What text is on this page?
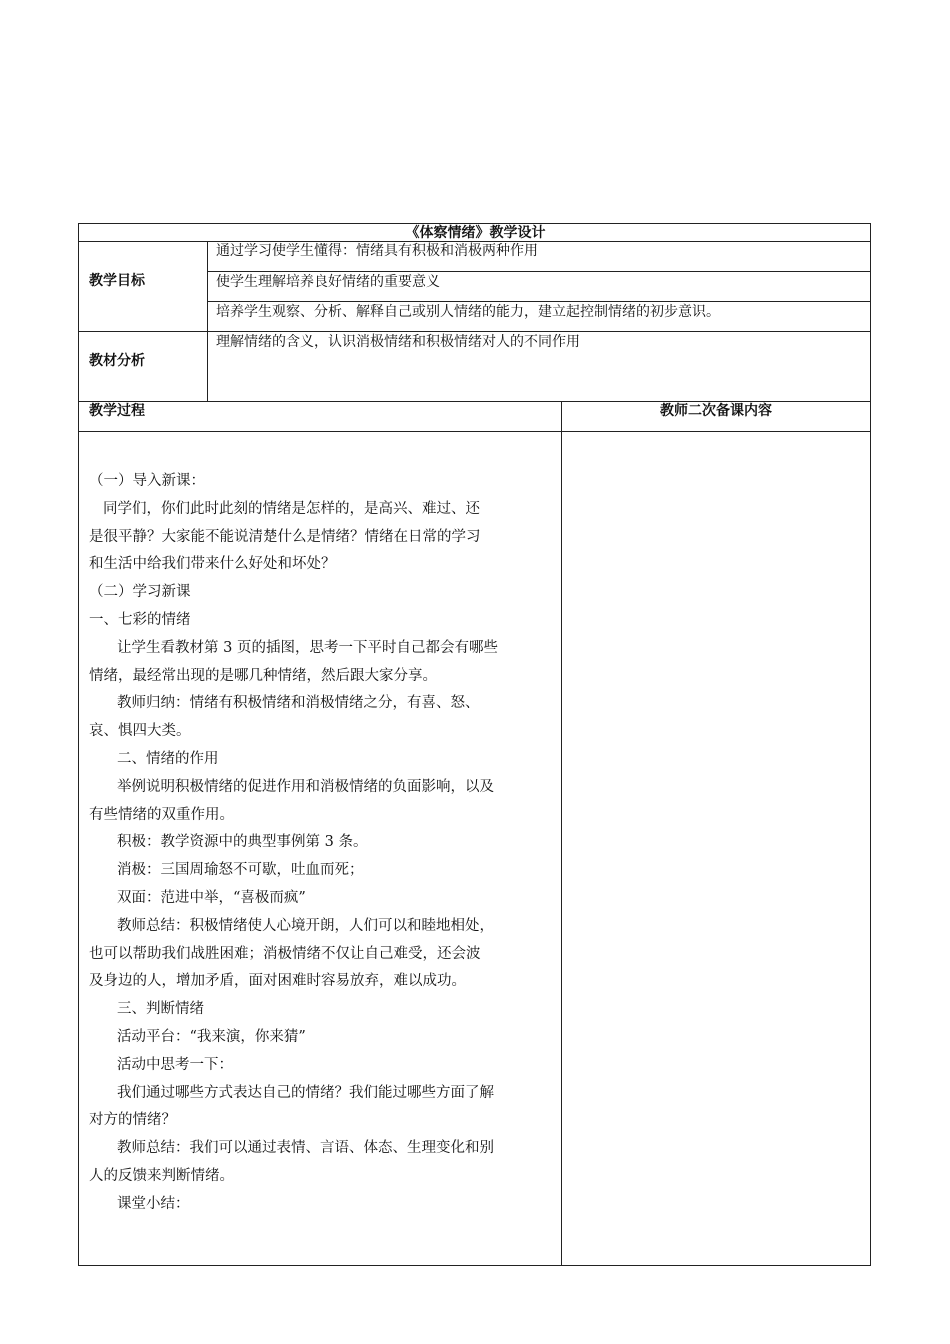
《体察情绪》教学设计
教学目标
通过学习使学生懂得：情绪具有积极和消极两种作用
使学生理解培养良好情绪的重要意义
培养学生观察、分析、解释自己或别人情绪的能力，建立起控制情绪的初步意识。
教材分析
理解情绪的含义，认识消极情绪和积极情绪对人的不同作用
教学过程	教师二次备课内容

（一）导入新课：

同学们，你们此时此刻的情绪是怎样的，是高兴、难过、还

是很平静？大家能不能说清楚什么是情绪？情绪在日常的学习

和生活中给我们带来什么好处和坏处？

（二）学习新课

一、七彩的情绪

让学生看教材第 3 页的插图，思考一下平时自己都会有哪些

情绪，最经常出现的是哪几种情绪，然后跟大家分享。

教师归纳：情绪有积极情绪和消极情绪之分，有喜、怒、

哀、惧四大类。

二、情绪的作用

举例说明积极情绪的促进作用和消极情绪的负面影响，以及

有些情绪的双重作用。

积极：教学资源中的典型事例第 3 条。

消极：三国周瑜怒不可歇，吐血而死；

双面：范进中举，“喜极而疯”

教师总结：积极情绪使人心境开朗，人们可以和睦地相处，

也可以帮助我们战胜困难；消极情绪不仅让自己难受，还会波

及身边的人，增加矛盾，面对困难时容易放弃，难以成功。

三、判断情绪

活动平台：“我来演，你来猜”

活动中思考一下：

我们通过哪些方式表达自己的情绪？我们能过哪些方面了解

对方的情绪？

教师总结：我们可以通过表情、言语、体态、生理变化和别

人的反馈来判断情绪。

课堂小结：
